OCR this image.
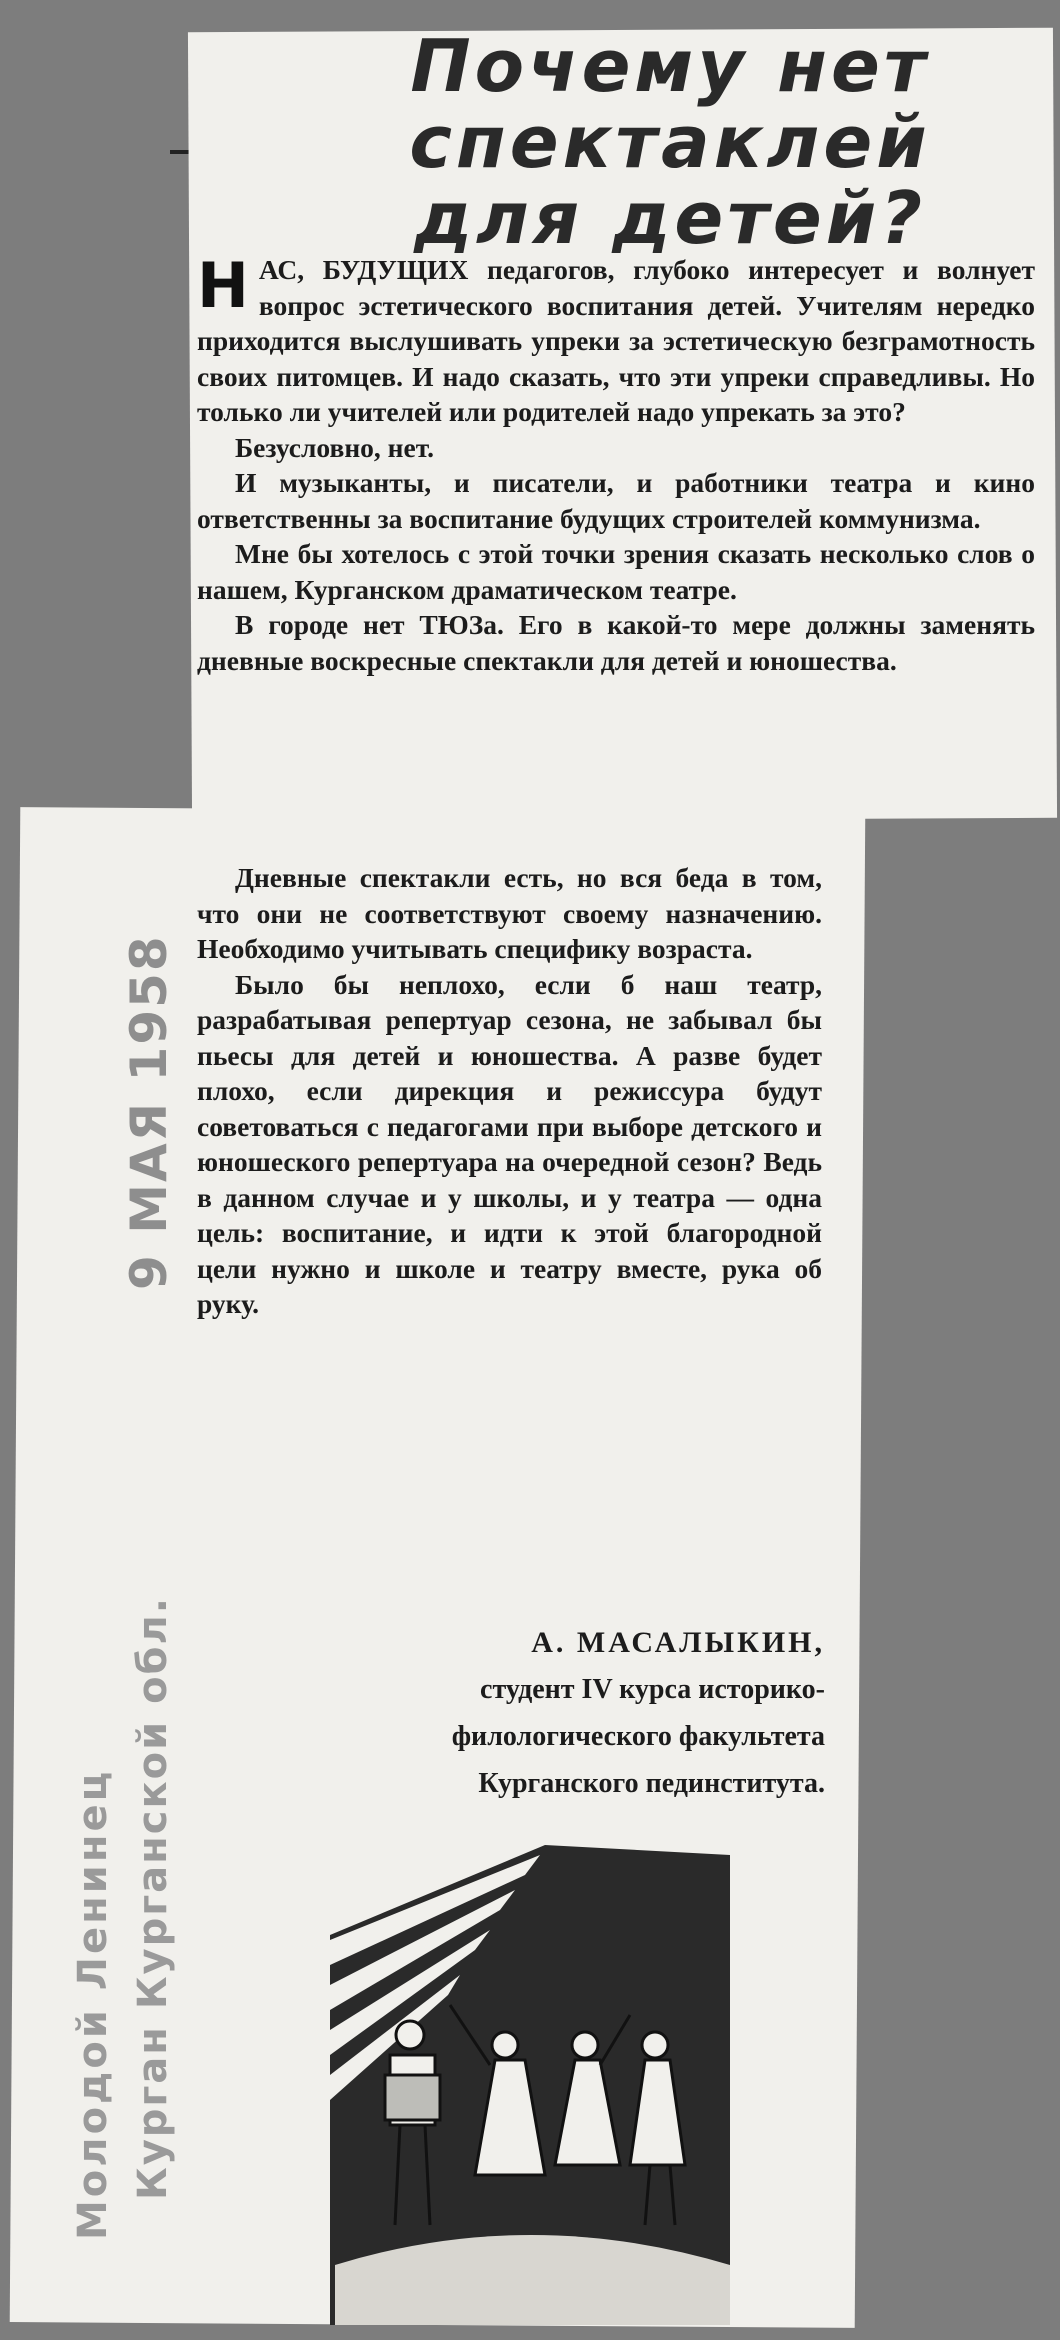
Почему нет
спектаклей
для детей?

НАС, БУДУЩИХ педагогов, глубоко интересует и волнует вопрос эстетического воспитания детей. Учителям нередко приходится выслушивать упреки за эстетическую безграмотность своих питомцев. И надо сказать, что эти упреки справедливы. Но только ли учителей или родителей надо упрекать за это?

Безусловно, нет.

И музыканты, и писатели, и работники театра и кино ответственны за воспитание будущих строителей коммунизма.

Мне бы хотелось с этой точки зрения сказать несколько слов о нашем, Курганском драматическом театре.

В городе нет ТЮЗа. Его в какой-то мере должны заменять дневные воскресные спектакли для детей и юношества.

Дневные спектакли есть, но вся беда в том, что они не соответствуют своему назначению. Необходимо учитывать специфику возраста.

Было бы неплохо, если б наш театр, разрабатывая репертуар сезона, не забывал бы пьесы для детей и юношества. А разве будет плохо, если дирекция и режиссура будут советоваться с педагогами при выборе детского и юношеского репертуара на очередной сезон? Ведь в данном случае и у школы, и у театра — одна цель: воспитание, и идти к этой благородной цели нужно и школе и театру вместе, рука об руку.

А. МАСАЛЫКИН,
студент IV курса историко-
филологического факультета
Курганского пединститута.
9 МАЯ 1958
Молодой Ленинец Курган Курганской обл.
